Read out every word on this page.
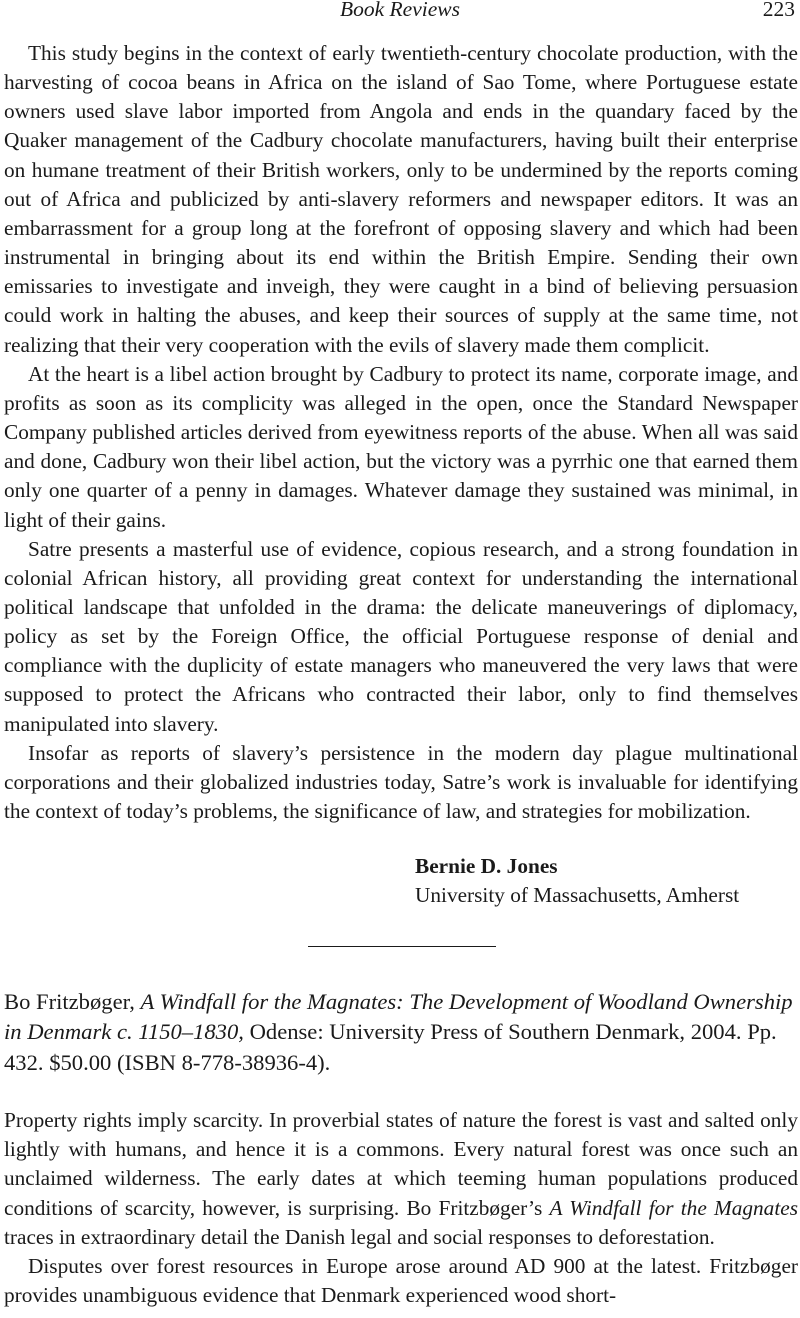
Book Reviews	223

This study begins in the context of early twentieth-century chocolate production, with the harvesting of cocoa beans in Africa on the island of Sao Tome, where Portuguese estate owners used slave labor imported from Angola and ends in the quandary faced by the Quaker management of the Cadbury chocolate manufacturers, having built their enterprise on humane treatment of their British workers, only to be undermined by the reports coming out of Africa and publicized by anti-slavery reformers and newspaper editors. It was an embarrassment for a group long at the forefront of opposing slavery and which had been instrumental in bringing about its end within the British Empire. Sending their own emissaries to investigate and inveigh, they were caught in a bind of believing persuasion could work in halting the abuses, and keep their sources of supply at the same time, not realizing that their very cooperation with the evils of slavery made them complicit.

At the heart is a libel action brought by Cadbury to protect its name, corporate image, and profits as soon as its complicity was alleged in the open, once the Standard Newspaper Company published articles derived from eyewitness reports of the abuse. When all was said and done, Cadbury won their libel action, but the victory was a pyrrhic one that earned them only one quarter of a penny in damages. Whatever damage they sustained was minimal, in light of their gains.

Satre presents a masterful use of evidence, copious research, and a strong foundation in colonial African history, all providing great context for understanding the international political landscape that unfolded in the drama: the delicate maneuverings of diplomacy, policy as set by the Foreign Office, the official Portuguese response of denial and compliance with the duplicity of estate managers who maneuvered the very laws that were supposed to protect the Africans who contracted their labor, only to find themselves manipulated into slavery.

Insofar as reports of slavery’s persistence in the modern day plague multinational corporations and their globalized industries today, Satre’s work is invaluable for identifying the context of today’s problems, the significance of law, and strategies for mobilization.

Bernie D. Jones
University of Massachusetts, Amherst
Bo Fritzbøger, A Windfall for the Magnates: The Development of Woodland Ownership in Denmark c. 1150–1830, Odense: University Press of Southern Denmark, 2004. Pp. 432. $50.00 (ISBN 8-778-38936-4).

Property rights imply scarcity. In proverbial states of nature the forest is vast and salted only lightly with humans, and hence it is a commons. Every natural forest was once such an unclaimed wilderness. The early dates at which teeming human populations produced conditions of scarcity, however, is surprising. Bo Fritzbøger’s A Windfall for the Magnates traces in extraordinary detail the Danish legal and social responses to deforestation.

Disputes over forest resources in Europe arose around AD 900 at the latest. Fritzbøger provides unambiguous evidence that Denmark experienced wood short-
